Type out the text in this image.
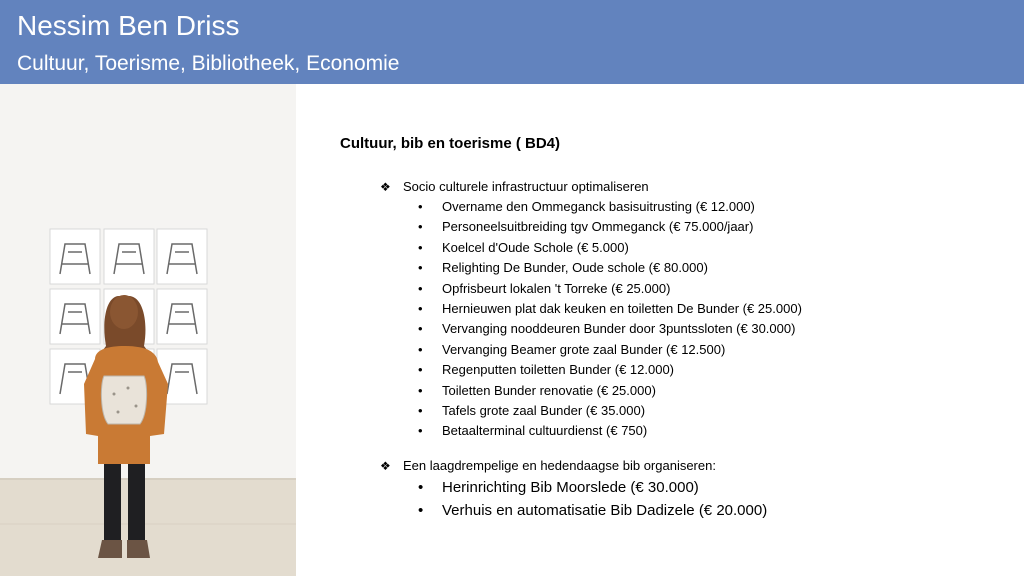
Nessim Ben Driss
Cultuur, Toerisme, Bibliotheek, Economie
Cultuur, bib en toerisme ( BD4)
❖ Socio culturele infrastructuur optimaliseren
• Overname den Ommeganck basisuitrusting (€ 12.000)
• Personeelsuitbreiding tgv Ommeganck (€ 75.000/jaar)
• Koelcel d'Oude Schole (€ 5.000)
• Relighting De Bunder, Oude schole (€ 80.000)
• Opfrisbeurt lokalen 't Torreke (€ 25.000)
• Hernieuwen plat dak keuken en toiletten De Bunder (€ 25.000)
• Vervanging nooddeuren Bunder door 3puntssloten (€ 30.000)
• Vervanging Beamer grote zaal Bunder (€ 12.500)
• Regenputten toiletten Bunder (€ 12.000)
• Toiletten Bunder renovatie (€ 25.000)
• Tafels grote zaal Bunder (€ 35.000)
• Betaalterminal cultuurdienst (€ 750)
❖ Een laagdrempelige en hedendaagse bib organiseren:
• Herinrichting Bib Moorslede (€ 30.000)
• Verhuis en automatisatie Bib Dadizele (€ 20.000)
